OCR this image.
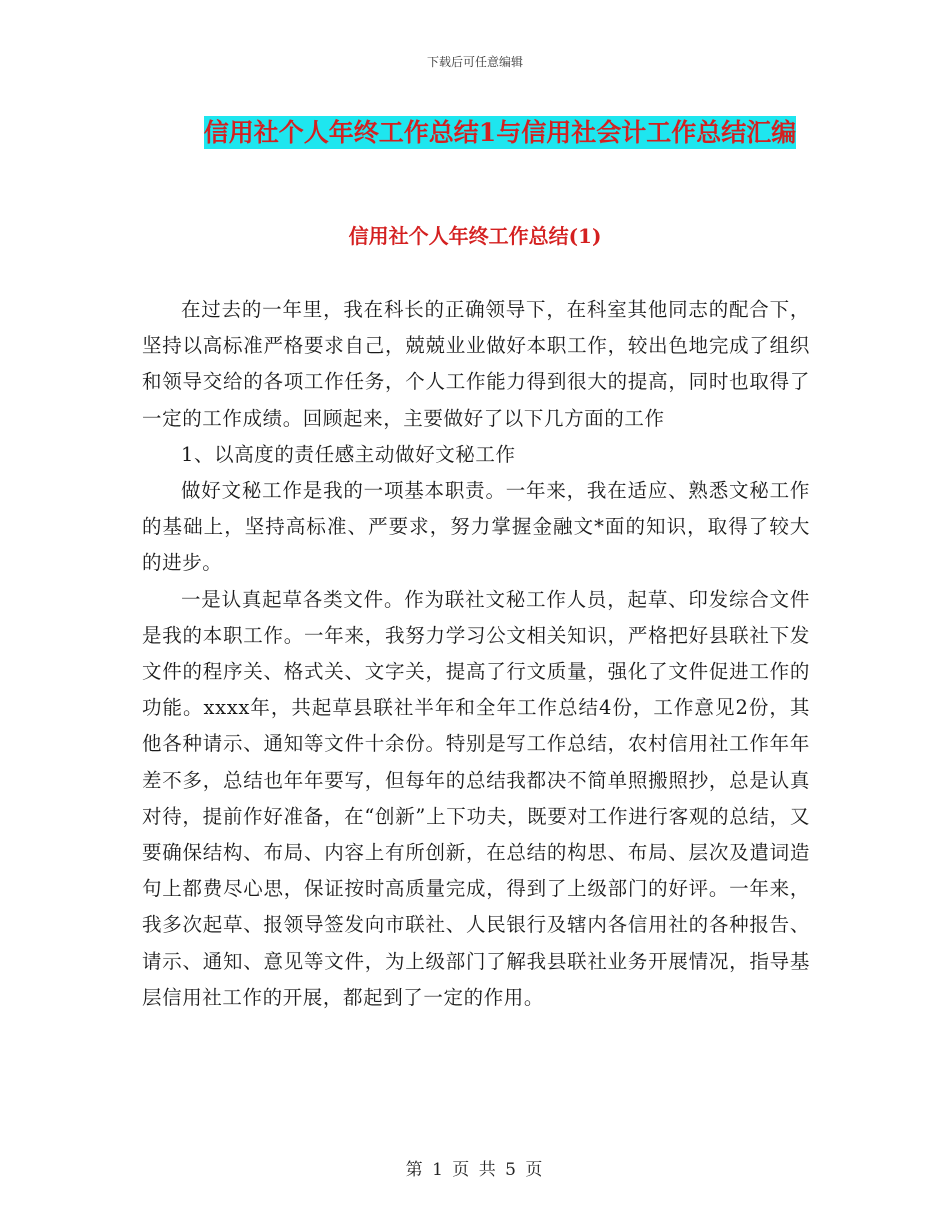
下载后可任意编辑
信用社个人年终工作总结1与信用社会计工作总结汇编
信用社个人年终工作总结(1)

在过去的一年里，我在科长的正确领导下，在科室其他同志的配合下，坚持以高标准严格要求自己，兢兢业业做好本职工作，较出色地完成了组织和领导交给的各项工作任务，个人工作能力得到很大的提高，同时也取得了一定的工作成绩。回顾起来，主要做好了以下几方面的工作

1、以高度的责任感主动做好文秘工作

做好文秘工作是我的一项基本职责。一年来，我在适应、熟悉文秘工作的基础上，坚持高标准、严要求，努力掌握金融文*面的知识，取得了较大的进步。

一是认真起草各类文件。作为联社文秘工作人员，起草、印发综合文件是我的本职工作。一年来，我努力学习公文相关知识，严格把好县联社下发文件的程序关、格式关、文字关，提高了行文质量，强化了文件促进工作的功能。xxxx年，共起草县联社半年和全年工作总结4份，工作意见2份，其他各种请示、通知等文件十余份。特别是写工作总结，农村信用社工作年年差不多，总结也年年要写，但每年的总结我都决不简单照搬照抄，总是认真对待，提前作好准备，在“创新”上下功夫，既要对工作进行客观的总结，又要确保结构、布局、内容上有所创新，在总结的构思、布局、层次及遣词造句上都费尽心思，保证按时高质量完成，得到了上级部门的好评。一年来，我多次起草、报领导签发向市联社、人民银行及辖内各信用社的各种报告、请示、通知、意见等文件，为上级部门了解我县联社业务开展情况，指导基层信用社工作的开展，都起到了一定的作用。

第 1 页 共 5 页
